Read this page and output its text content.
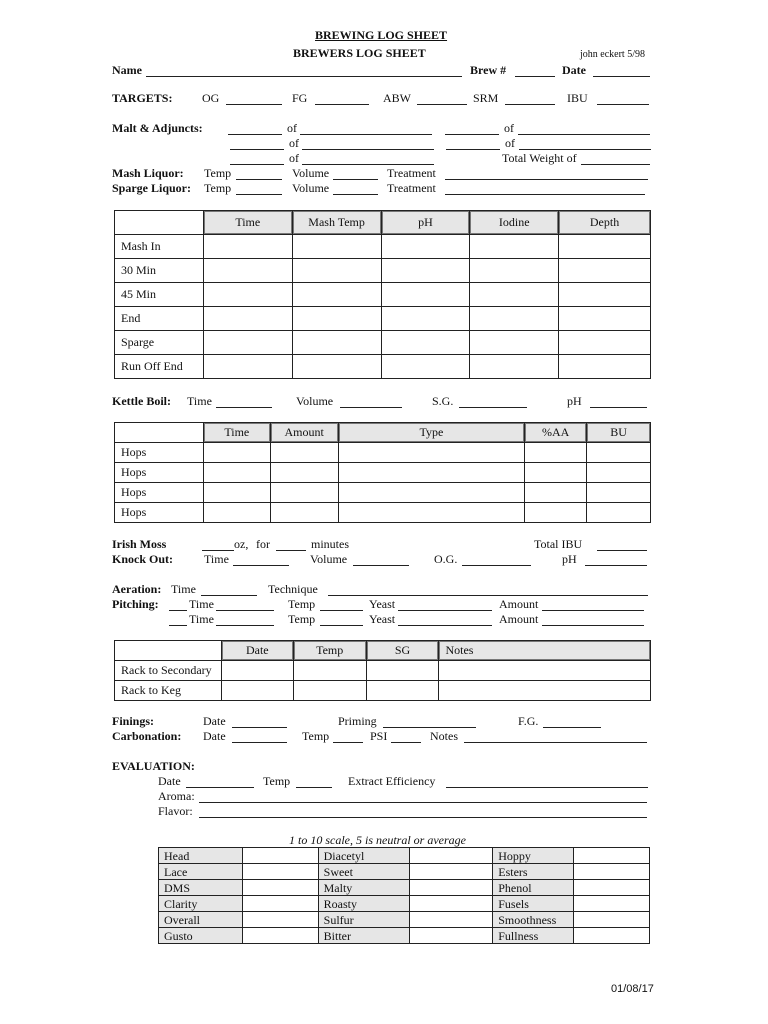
BREWING LOG SHEET
BREWERS LOG SHEET	john eckert 5/98
Name	Brew #	Date
TARGETS: OG	FG	ABW	SRM	IBU
Malt & Adjuncts:	of	of
of	of
of	Total Weight of
Mash Liquor: Temp	Volume	Treatment
Sparge Liquor: Temp	Volume	Treatment
	Time	Mash Temp	pH	Iodine	Depth
Mash In					
30 Min					
45 Min					
End					
Sparge					
Run Off End					
Kettle Boil: Time	Volume	S.G.	pH
	Time	Amount	Type	%AA	BU
Hops					
Hops					
Hops					
Hops					
Irish Moss	oz, for	minutes	Total IBU
Knock Out:	Time	Volume	O.G.	pH
Aeration: Time	Technique
Pitching:	Time	Temp	Yeast	Amount
Time	Temp	Yeast	Amount
	Date	Temp	SG	Notes
Rack to Secondary				
Rack to Keg				
Finings:	Date	Priming	F.G.
Carbonation: Date	Temp	PSI	Notes
EVALUATION:
Date	Temp	Extract Efficiency
Aroma:
Flavor:
1 to 10 scale, 5 is neutral or average
Head		Diacetyl		Hoppy	
Lace		Sweet		Esters	
DMS		Malty		Phenol	
Clarity		Roasty		Fusels	
Overall		Sulfur		Smoothness	
Gusto		Bitter		Fullness	
01/08/17
